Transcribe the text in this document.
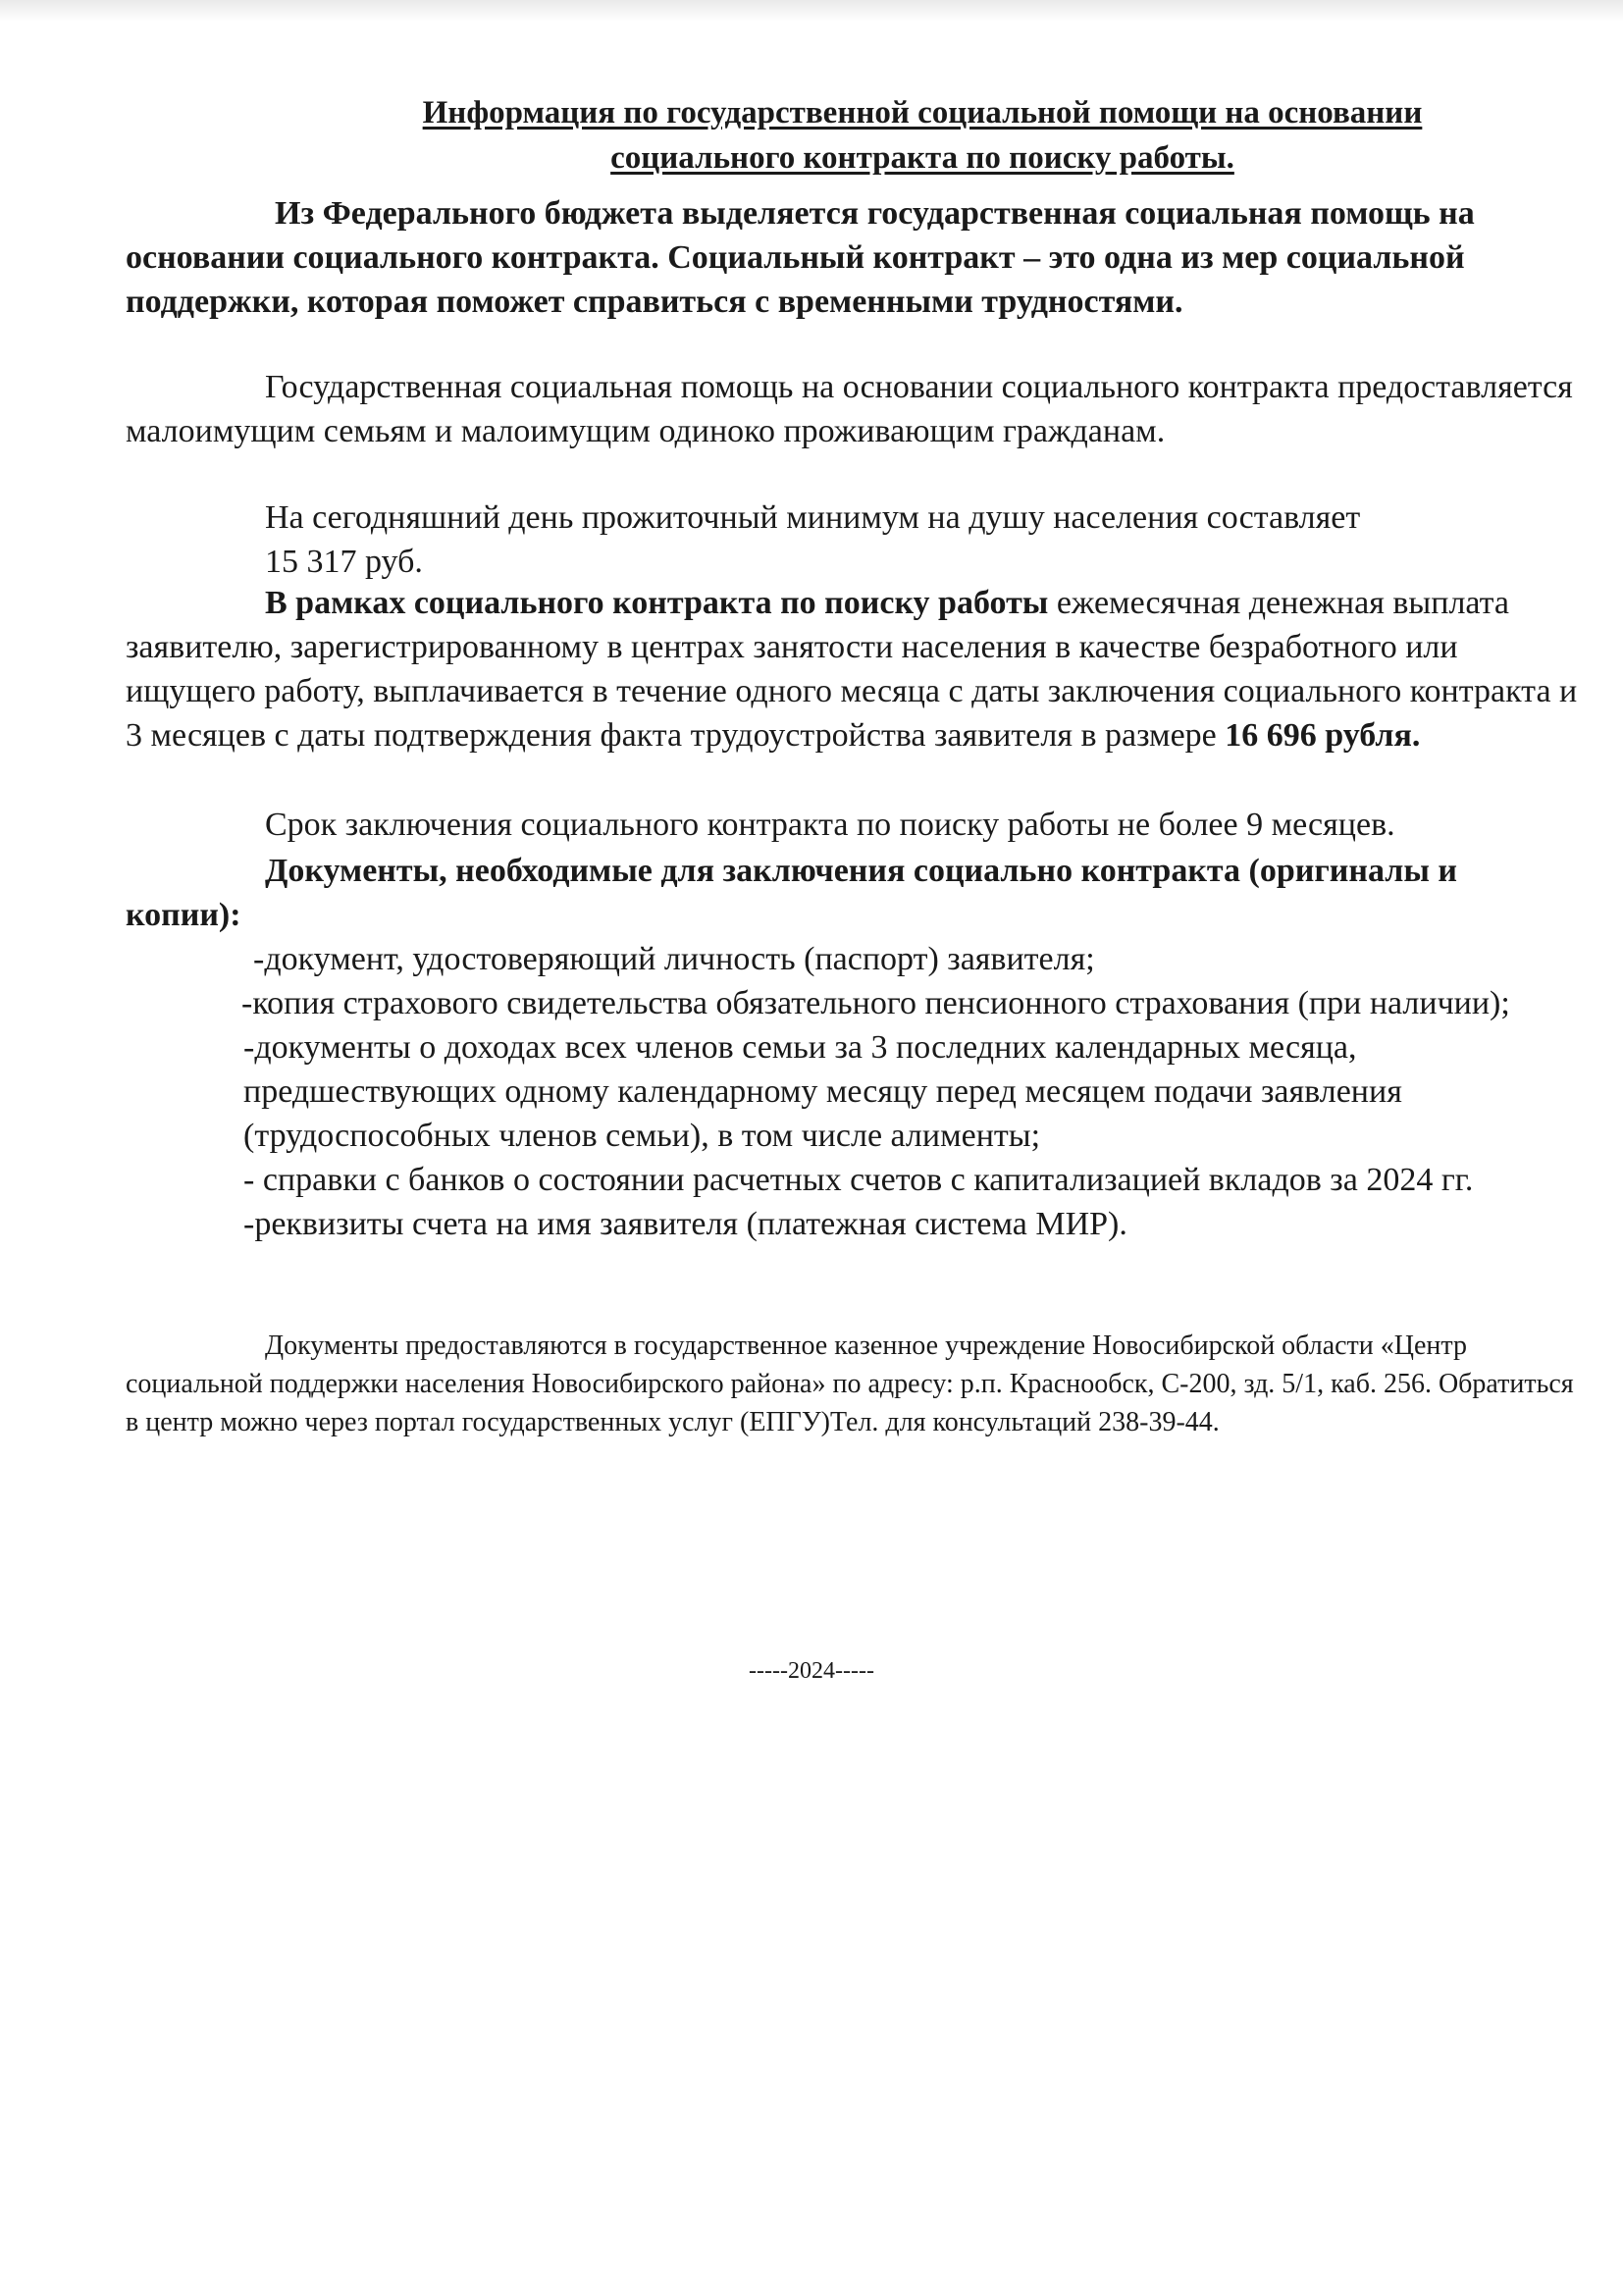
Информация по государственной социальной помощи на основании
социального контракта по поиску работы.
Из Федерального бюджета выделяется государственная социальная помощь на основании социального контракта. Социальный контракт – это одна из мер социальной поддержки, которая поможет справиться с временными трудностями.
Государственная социальная помощь на основании социального контракта предоставляется малоимущим семьям и малоимущим одиноко проживающим гражданам.
На сегодняшний день прожиточный минимум на душу населения составляет
15 317 руб.
В рамках социального контракта по поиску работы ежемесячная денежная выплата заявителю, зарегистрированному в центрах занятости населения в качестве безработного или ищущего работу, выплачивается в течение одного месяца с даты заключения социального контракта и 3 месяцев с даты подтверждения факта трудоустройства заявителя в размере 16 696 рубля.
Срок заключения социального контракта по поиску работы не более 9 месяцев.
Документы, необходимые для заключения социально контракта (оригиналы и копии):
-документ, удостоверяющий личность (паспорт) заявителя;
-копия страхового свидетельства обязательного пенсионного страхования (при наличии);
-документы о доходах всех членов семьи за 3 последних календарных месяца, предшествующих одному календарному месяцу перед месяцем подачи заявления (трудоспособных членов семьи), в том числе алименты;
- справки с банков о состоянии расчетных счетов с капитализацией вкладов за 2024 гг.
-реквизиты счета на имя заявителя (платежная система МИР).
Документы предоставляются в государственное казенное учреждение Новосибирской области «Центр социальной поддержки населения Новосибирского района» по адресу: р.п. Краснообск, С-200, зд. 5/1, каб. 256. Обратиться в центр можно через портал государственных услуг (ЕПГУ)Тел. для консультаций 238-39-44.
-----2024-----
